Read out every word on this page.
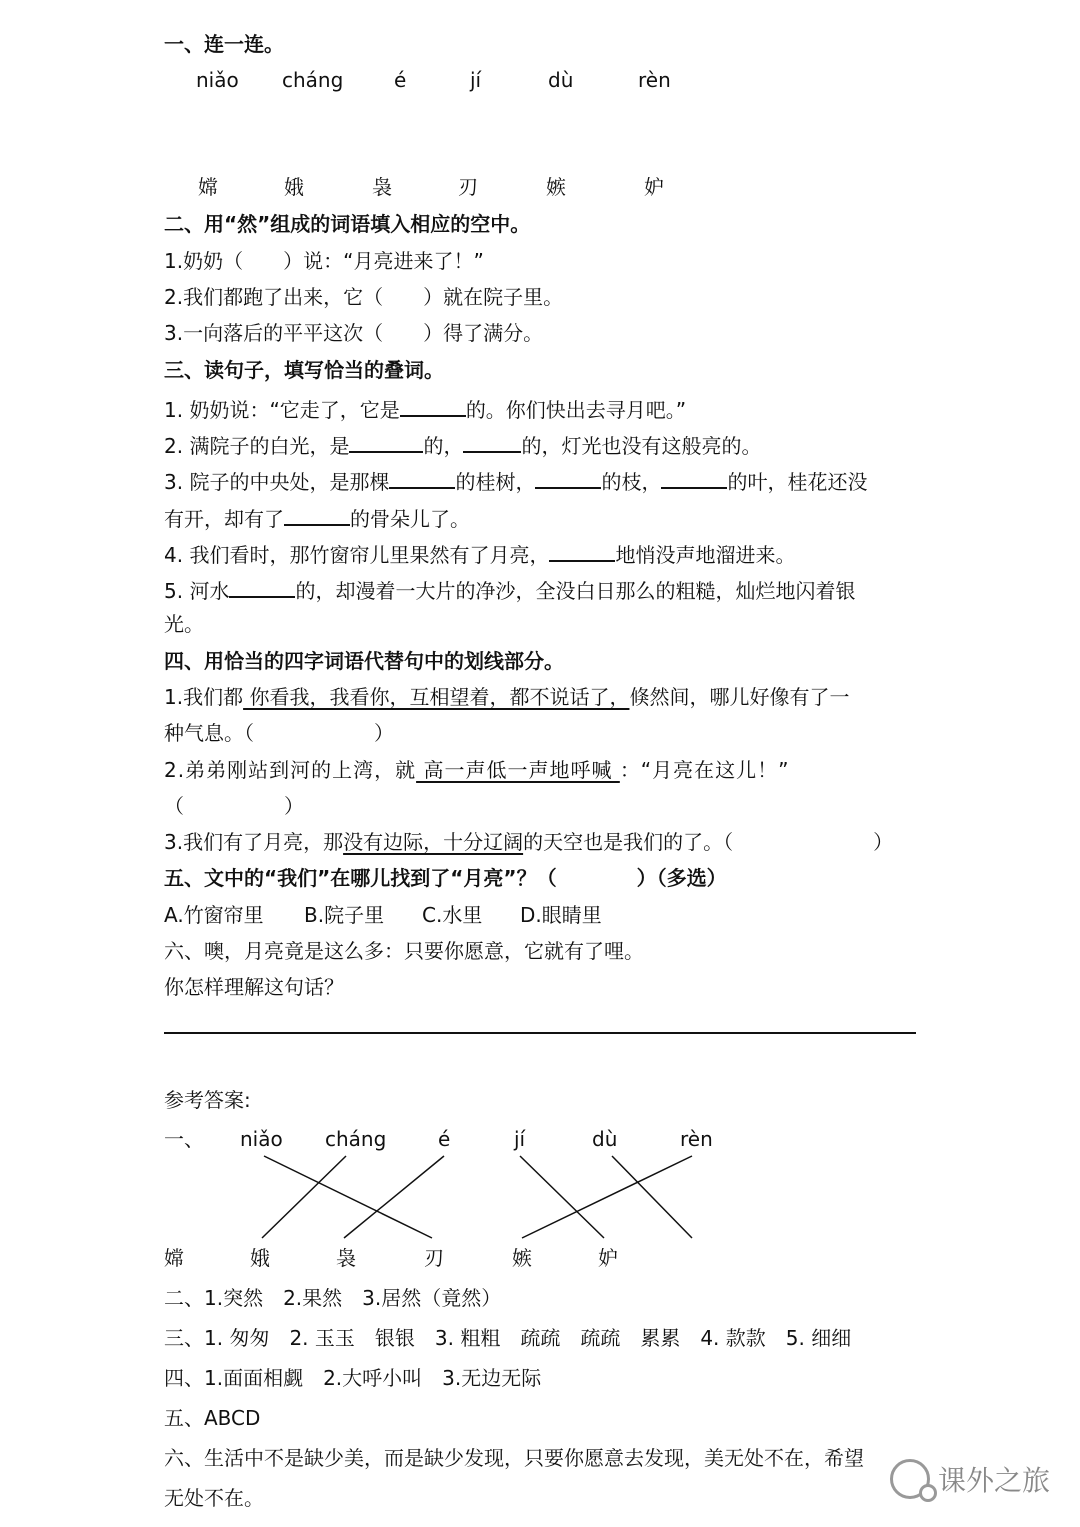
一、连一连。
niǎo cháng	é	jí	dù	rèn
嫦	娥	袅	刃	嫉	妒
二、用“然”组成的词语填入相应的空中。
1.奶奶（　　）说：“月亮进来了！”
2.我们都跑了出来，它（　　）就在院子里。
3.一向落后的平平这次（　　）得了满分。
三、读句子，填写恰当的叠词。
1. 奶奶说：“它走了，它是	的。你们快出去寻月吧。”
2. 满院子的白光，是	的，	的，灯光也没有这般亮的。
3. 院子的中央处，是那棵	的桂树，	的枝，	的叶，桂花还没
有开，却有了	的骨朵儿了。
4. 我们看时，那竹窗帘儿里果然有了月亮，	地悄没声地溜进来。
5. 河水	的，却漫着一大片的净沙，全没白日那么的粗糙，灿烂地闪着银
光。
四、用恰当的四字词语代替句中的划线部分。
1.我们都 你看我，我看你，互相望着，都不说话了，倏然间，哪儿好像有了一
种气息。（　　　　　　）
2.弟弟刚站到河的上湾，就 高一声低一声地呼喊 ：“月亮在这儿！”
（　　　　　）
3.我们有了月亮，那没有边际，十分辽阔的天空也是我们的了。（　　　　　　　）
五、文中的“我们”在哪儿找到了“月亮”？（　　　　）（多选）
A.竹窗帘里 B.院子里 C.水里 D.眼睛里
六、噢，月亮竟是这么多：只要你愿意，它就有了哩。
你怎样理解这句话？
参考答案:
一、 niǎo cháng	é	jí	dù	rèn
嫦	娥	袅	刃	嫉	妒
二、1.突然　2.果然　3.居然（竟然）
三、1. 匆匆　2. 玉玉　银银　3. 粗粗　疏疏　疏疏　累累　4. 款款　5. 细细
四、1.面面相觑　2.大呼小叫　3.无边无际
五、ABCD
六、生活中不是缺少美，而是缺少发现，只要你愿意去发现，美无处不在，希望
无处不在。
课外之旅
